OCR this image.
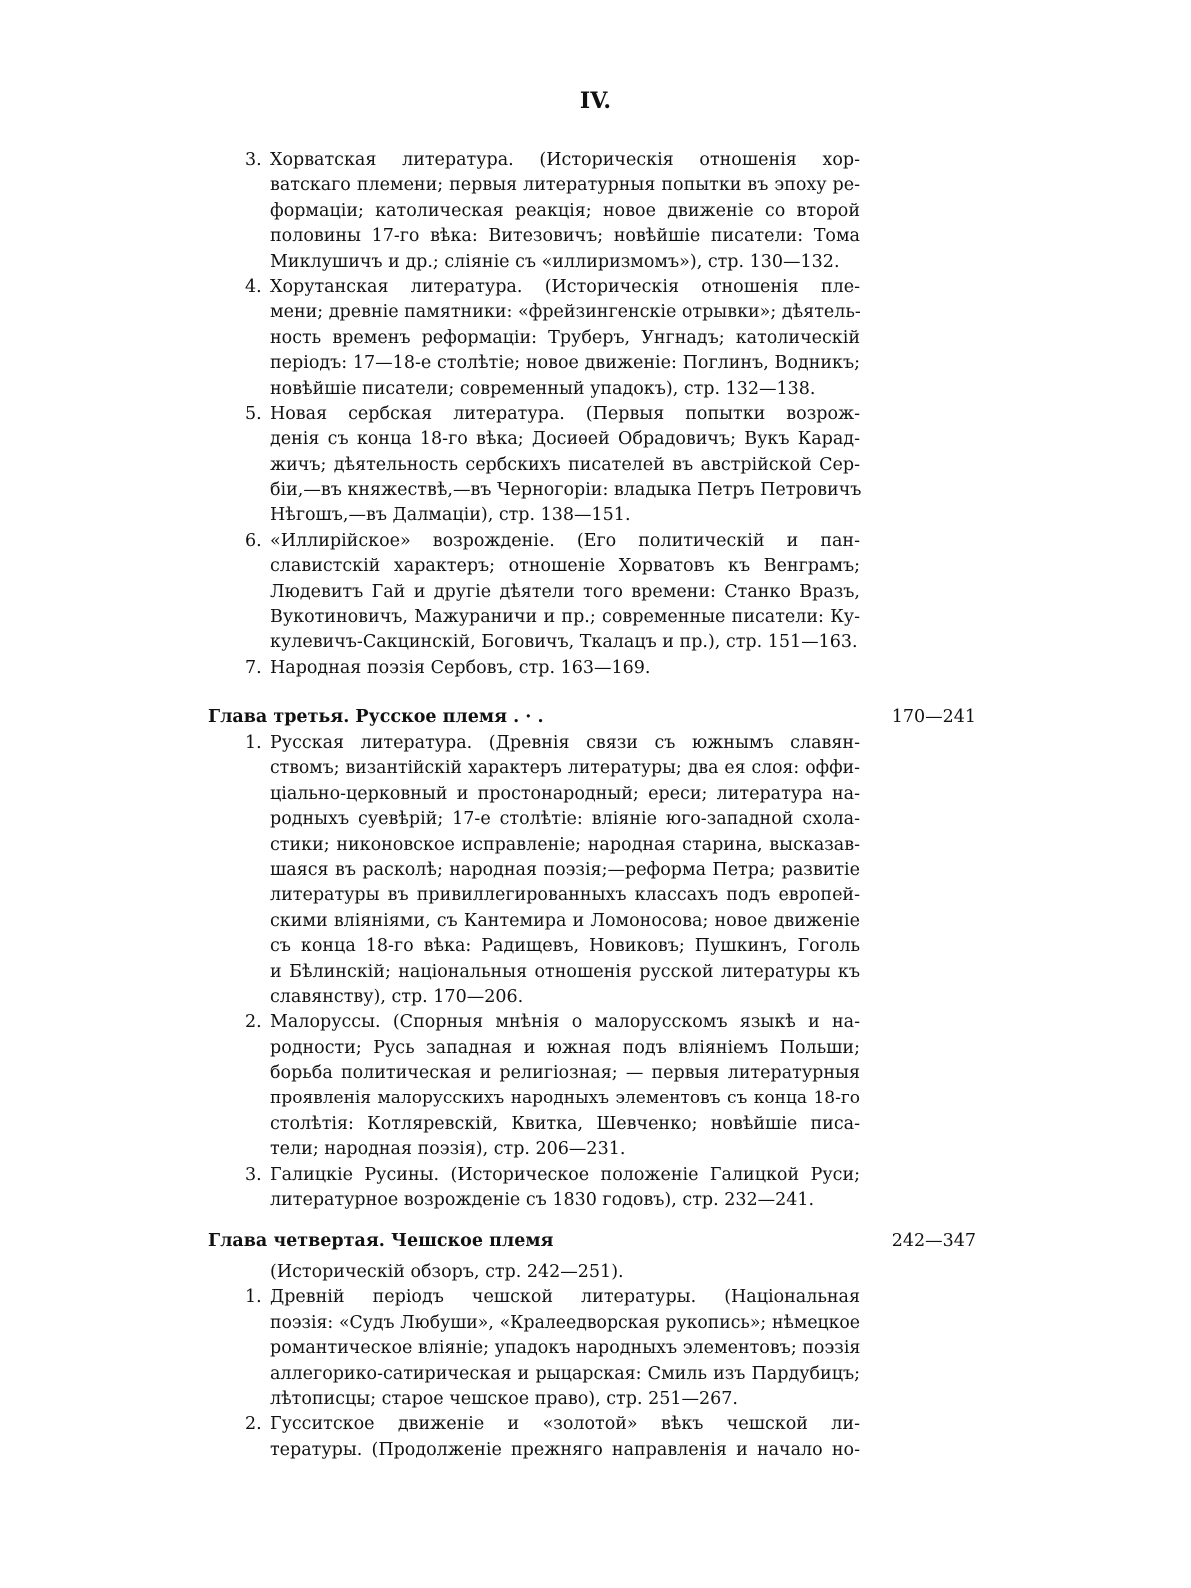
IV.
3. Хорватская литература. (Историческія отношенія хор-
ватскаго племени; первыя литературныя попытки въ эпоху ре-
формаціи; католическая реакція; новое движеніе со второй
половины 17-го вѣка: Витезовичъ; новѣйшіе писатели: Тома
Миклушичъ и др.; сліяніе съ «иллиризмомъ»), стр. 130—132.
4. Хорутанская литература. (Историческія отношенія пле-
мени; древніе памятники: «фрейзингенскіе отрывки»; дѣятель-
ность временъ реформаціи: Труберъ, Унгнадъ; католическій
періодъ: 17—18-е столѣтіе; новое движеніе: Поглинъ, Водникъ;
новѣйшіе писатели; современный упадокъ), стр. 132—138.
5. Новая сербская литература. (Первыя попытки возрож-
денія съ конца 18-го вѣка; Досиѳей Обрадовичъ; Вукъ Карад-
жичъ; дѣятельность сербскихъ писателей въ австрійской Сер-
біи,—въ княжествѣ,—въ Черногоріи: владыка Петръ Петровичъ
Нѣгошъ,—въ Далмаціи), стр. 138—151.
6. «Иллирійское» возрожденіе. (Его политическій и пан-
славистскій характеръ; отношеніе Хорватовъ къ Венграмъ;
Людевитъ Гай и другіе дѣятели того времени: Станко Вразъ,
Вукотиновичъ, Мажураничи и пр.; современные писатели: Ку-
кулевичъ-Сакцинскій, Боговичъ, Ткалацъ и пр.), стр. 151—163.
7. Народная поэзія Сербовъ, стр. 163—169.
Глава третья. Русское племя . · .	170—241
1. Русская литература. (Древнія связи съ южнымъ славян-
ствомъ; византійскій характеръ литературы; два ея слоя: оффи-
ціально-церковный и простонародный; ереси; литература на-
родныхъ суевѣрій; 17-е столѣтіе: вліяніе юго-западной схола-
стики; никоновское исправленіе; народная старина, высказав-
шаяся въ расколѣ; народная поэзія;—реформа Петра; развитіе
литературы въ привиллегированныхъ классахъ подъ европей-
скими вліяніями, съ Кантемира и Ломоносова; новое движеніе
съ конца 18-го вѣка: Радищевъ, Новиковъ; Пушкинъ, Гоголь
и Бѣлинскій; національныя отношенія русской литературы къ
славянству), стр. 170—206.
2. Малоруссы. (Спорныя мнѣнія о малорусскомъ языкѣ и на-
родности; Русь западная и южная подъ вліяніемъ Польши;
борьба политическая и религіозная; — первыя литературныя
проявленія малорусскихъ народныхъ элементовъ съ конца 18-го
столѣтія: Котляревскій, Квитка, Шевченко; новѣйшіе писа-
тели; народная поэзія), стр. 206—231.
3. Галицкіе Русины. (Историческое положеніе Галицкой Руси;
литературное возрожденіе съ 1830 годовъ), стр. 232—241.
Глава четвертая. Чешское племя	242—347
(Историческій обзоръ, стр. 242—251).
1. Древній періодъ чешской литературы. (Національная
поэзія: «Судъ Любуши», «Кралеедворская рукопись»; нѣмецкое
романтическое вліяніе; упадокъ народныхъ элементовъ; поэзія
аллегорико-сатирическая и рыцарская: Смиль изъ Пардубицъ;
лѣтописцы; старое чешское право), стр. 251—267.
2. Гусситское движеніе и «золотой» вѣкъ чешской ли-
тературы. (Продолженіе прежняго направленія и начало но-
